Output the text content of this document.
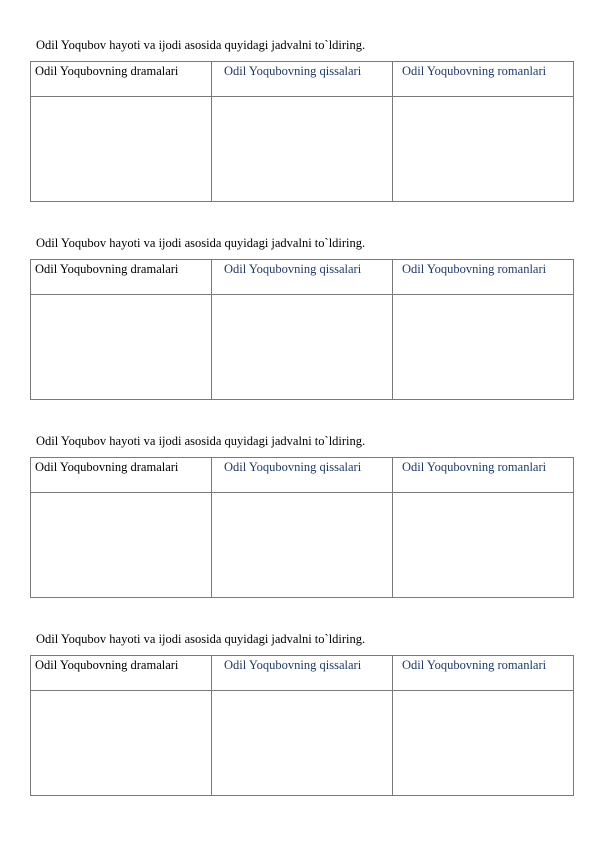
Odil Yoqubov hayoti va ijodi asosida quyidagi jadvalni to`ldiring.

Odil Yoqubovning dramalari	Odil Yoqubovning qissalari	Odil Yoqubovning romanlari

Odil Yoqubov hayoti va ijodi asosida quyidagi jadvalni to`ldiring.

Odil Yoqubovning dramalari	Odil Yoqubovning qissalari	Odil Yoqubovning romanlari

Odil Yoqubov hayoti va ijodi asosida quyidagi jadvalni to`ldiring.

Odil Yoqubovning dramalari	Odil Yoqubovning qissalari	Odil Yoqubovning romanlari

Odil Yoqubov hayoti va ijodi asosida quyidagi jadvalni to`ldiring.

Odil Yoqubovning dramalari	Odil Yoqubovning qissalari	Odil Yoqubovning romanlari
